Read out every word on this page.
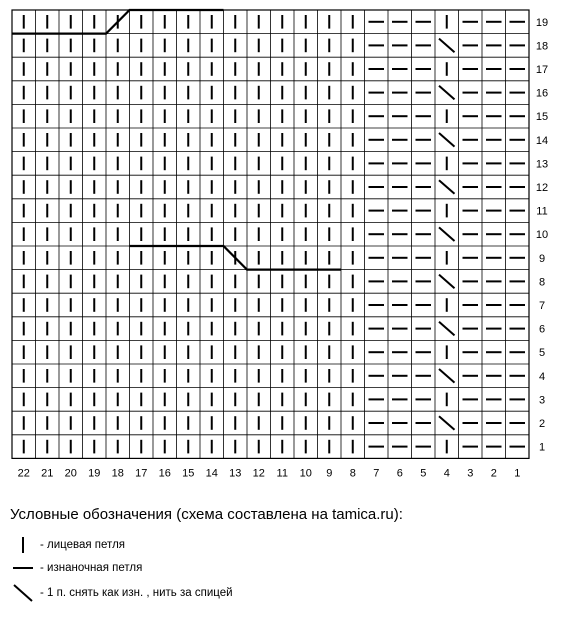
1
2
3
4
5
6
7
8
9
10
11
12
13
14
15
16
17
18
19
22 21 20 19 18 17 16 15 14 13 12 11 10 9 8 7 6 5 4 3 2 1
Условные обозначения (схема составлена на tamica.ru):
- лицевая петля
- изнаночная петля
- 1 п. снять как изн. , нить за спицей
